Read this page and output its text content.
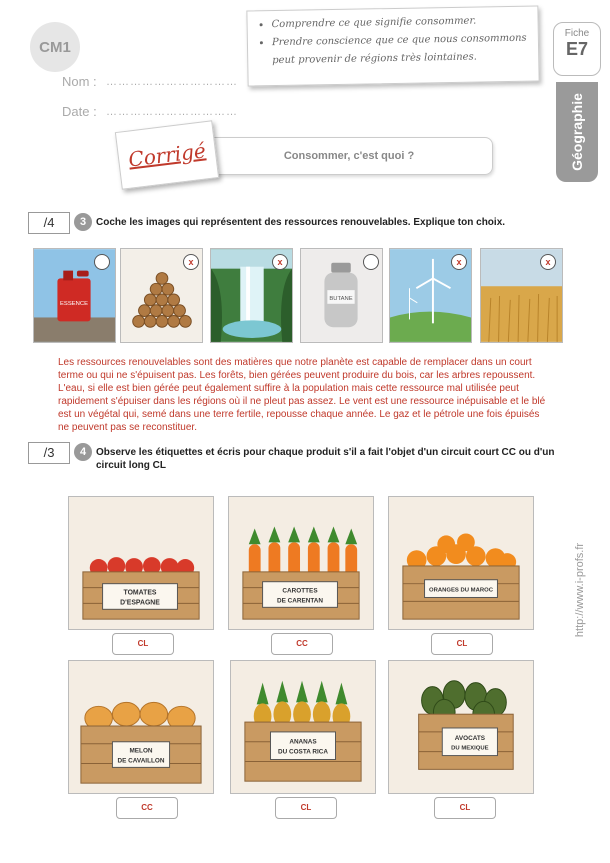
CM1
Nom : ……………………………
Date : ……………………………
• Comprendre ce que signifie consommer.
• Prendre conscience que ce que nous consommons peut provenir de régions très lointaines.
Fiche
E7
Géographie
Consommer, c'est quoi ?
Corrigé
/4	3 Coche les images qui représentent des ressources renouvelables. Explique ton choix.
ESSENCE
x	x
BUTANE
x	x
Les ressources renouvelables sont des matières que notre planète est capable de remplacer dans un court terme ou qui ne s'épuisent pas. Les forêts, bien gérées peuvent produire du bois, car les arbres repoussent. L'eau, si elle est bien gérée peut également suffire à la population mais cette ressource mal utilisée peut rapidement s'épuiser dans les régions où il ne pleut pas assez. Le vent est une ressource inépuisable et le blé est un végétal qui, semé dans une terre fertile, repousse chaque année. Le gaz et le pétrole une fois épuisés ne peuvent pas se reconstituer.
/3	4 Observe les étiquettes et écris pour chaque produit s'il a fait l'objet d'un circuit court CC ou d'un circuit long CL
TOMATES
D'ESPAGNE
CL
CAROTTES
DE CARENTAN
CC
ORANGES DU MAROC
CL
MELON
DE CAVAILLON
CC
ANANAS
DU COSTA RICA
CL
AVOCATS
DU MEXIQUE
CL
http://www.i-profs.fr
